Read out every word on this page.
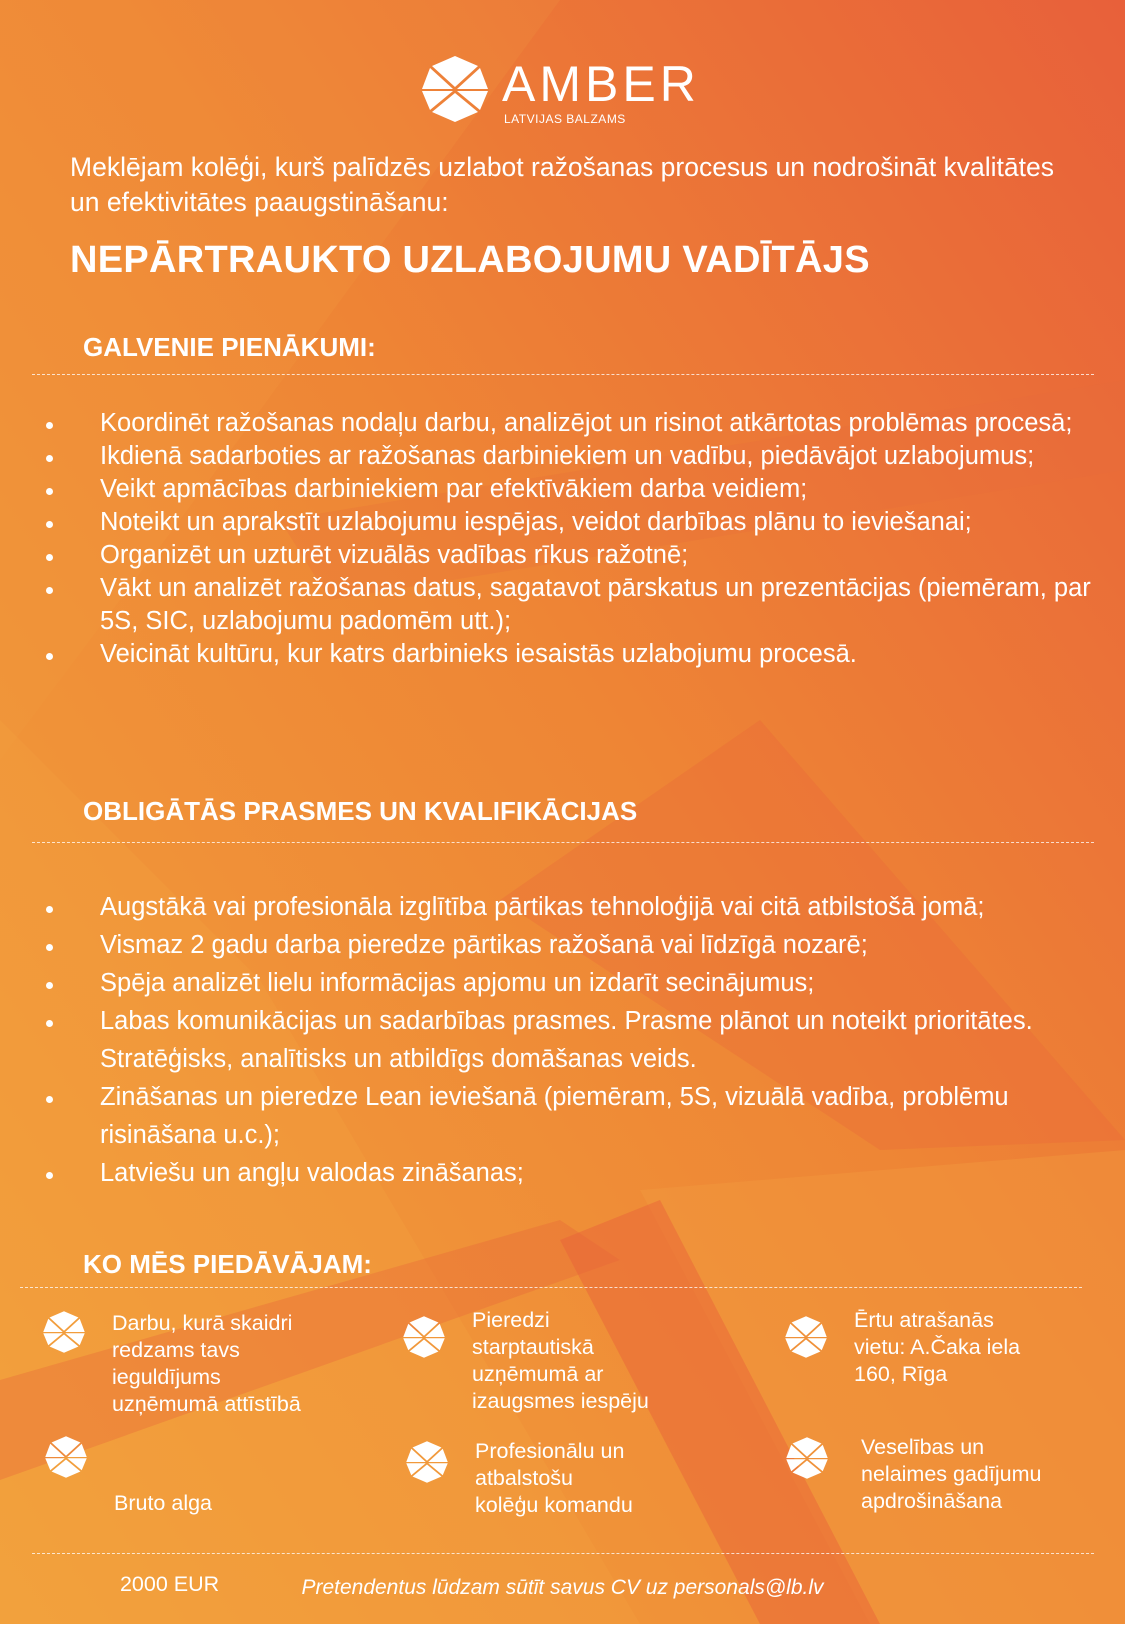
AMBER
LATVIJAS BALZAMS
Meklējam kolēģi, kurš palīdzēs uzlabot ražošanas procesus un nodrošināt kvalitātes un efektivitātes paaugstināšanu:
NEPĀRTRAUKTO UZLABOJUMU VADĪTĀJS
GALVENIE PIENĀKUMI:
Koordinēt ražošanas nodaļu darbu, analizējot un risinot atkārtotas problēmas procesā;
Ikdienā sadarboties ar ražošanas darbiniekiem un vadību, piedāvājot uzlabojumus;
Veikt apmācības darbiniekiem par efektīvākiem darba veidiem;
Noteikt un aprakstīt uzlabojumu iespējas, veidot darbības plānu to ieviešanai;
Organizēt un uzturēt vizuālās vadības rīkus ražotnē;
Vākt un analizēt ražošanas datus, sagatavot pārskatus un prezentācijas (piemēram, par 5S, SIC, uzlabojumu padomēm utt.);
Veicināt kultūru, kur katrs darbinieks iesaistās uzlabojumu procesā.
OBLIGĀTĀS PRASMES UN KVALIFIKĀCIJAS
Augstākā vai profesionāla izglītība pārtikas tehnoloģijā vai citā atbilstošā jomā;
Vismaz 2 gadu darba pieredze pārtikas ražošanā vai līdzīgā nozarē;
Spēja analizēt lielu informācijas apjomu un izdarīt secinājumus;
Labas komunikācijas un sadarbības prasmes. Prasme plānot un noteikt prioritātes. Stratēģisks, analītisks un atbildīgs domāšanas veids.
Zināšanas un pieredze Lean ieviešanā (piemēram, 5S, vizuālā vadība, problēmu risināšana u.c.);
Latviešu un angļu valodas zināšanas;
KO MĒS PIEDĀVĀJAM:
Darbu, kurā skaidri
redzams tavs
ieguldījums
uzņēmumā attīstībā
Pieredzi
starptautiskā
uzņēmumā ar
izaugsmes iespēju
Ērtu atrašanās
vietu: A.Čaka iela
160, Rīga

Bruto alga

2000 EUR

Profesionālu un
atbalstošu
kolēģu komandu
Veselības un
nelaimes gadījumu
apdrošināšana
Pretendentus lūdzam sūtīt savus CV uz personals@lb.lv
